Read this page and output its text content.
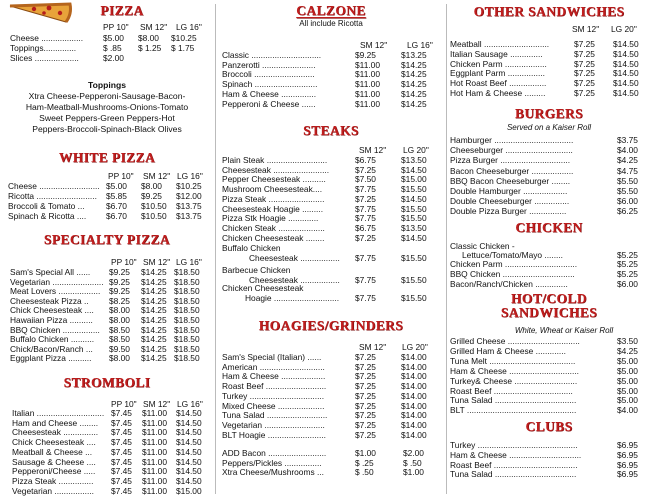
PIZZA
PP 10" SM 12" LG 16"
Cheese ..................	$5.00 $8.00 $10.25
Toppings..............	$ .85 $ 1.25 $ 1.75
Slices ...................	$2.00
Toppings
Xtra Cheese-Pepperoni-Sausage-Bacon-
Ham-Meatball-Mushrooms-Onions-Tomato
Sweet Peppers-Green Peppers-Hot
Peppers-Broccoli-Spinach-Black Olives
WHITE PIZZA
PP 10" SM 12" LG 16"
Cheese .......................... $5.00 $8.00 $10.25
Ricotta ..........................	$5.85 $9.25 $12.00
Broccoli & Tomato ...	$6.70 $10.50 $13.75
Spinach & Ricotta ....	$6.70 $10.50 $13.75
SPECIALTY PIZZA
PP 10" SM 12" LG 16"
Sam's Special All ......	$9.25 $14.25 $18.50
Vegetarian ...................... $9.25 $14.25 $18.50
Meat Lovers ..................	$9.25 $14.25 $18.50
Cheesesteak Pizza ..	$8.25 $14.25 $18.50
Chick Cheesesteak ....	$8.00 $14.25 $18.50
Hawaiian Pizza ..........	$8.00 $14.25 $18.50
BBQ Chicken ................	$8.50 $14.25 $18.50
Buffalo Chicken ..........	$8.50 $14.25 $18.50
Chick/Bacon/Ranch ...	$9.50 $14.25 $18.50
Eggplant Pizza ..........	$8.00 $14.25 $18.50
STROMBOLI
PP 10" SM 12" LG 16"
Italian ............................. $7.45 $11.00 $14.50
Ham and Cheese ........	$7.45 $11.00 $14.50
Cheesesteak ...............	$7.45 $11.00 $14.50
Chick Cheesesteak ....	$7.45 $11.00 $14.50
Meatball & Cheese ...	$7.45 $11.00 $14.50
Sausage & Cheese ....	$7.45 $11.00 $14.50
Pepperoni/Cheese .....	$7.45 $11.00 $14.50
Pizza Steak ...............	$7.45 $11.00 $14.50
Vegetarian .................	$7.45 $11.00 $15.00
CALZONE
All include Ricotta
SM 12" LG 16"
Classic ..............................	$9.25	$13.25
Panzerotti .......................	$11.00	$14.25
Broccoli ..........................	$11.00	$14.25
Spinach ...........................	$11.00	$14.25
Ham & Cheese ...............	$11.00	$14.25
Pepperoni & Cheese ......	$11.00	$14.25
STEAKS
SM 12" LG 20"
Plain Steak ..........................	$6.75	$13.50
Cheesesteak ........................	$7.25	$14.50
Pepper Cheesesteak ..........	$7.50	$15.00
Mushroom Cheesesteak....	$7.75	$15.50
Pizza Steak ........................	$7.25	$14.50
Cheesesteak Hoagie .........	$7.75	$15.50
Pizza Stk Hoagie .............	$7.75	$15.50
Chicken Steak ....................	$6.75	$13.50
Chicken Cheesesteak ........	$7.25	$14.50
Buffalo Chicken
Cheesesteak .................	$7.75	$15.50
Barbecue Chicken
Cheesesteak .................	$7.75	$15.50
Chicken Cheesesteak
Hoagie ............................ $7.75	$15.50
HOAGIES/GRINDERS
SM 12" LG 20"
Sam's Special (Italian) ......	$7.25	$14.00
American ............................	$7.25	$14.00
Ham & Cheese ...................	$7.25	$14.00
Roast Beef ..........................	$7.25	$14.00
Turkey ................................	$7.25	$14.00
Mixed Cheese ....................	$7.25	$14.00
Tuna Salad ..........................	$7.25	$14.00
Vegetarian ..........................	$7.25	$14.00
BLT Hoagie .........................	$7.25	$14.00
ADD Bacon .........................	$1.00	$2.00
Peppers/Pickles ................	$ .25	$ .50
Xtra Cheese/Mushrooms ...	$ .50	$1.00
OTHER SANDWICHES
SM 12" LG 20"
Meatball ............................	$7.25 $14.50
Italian Sausage ..............	$7.25 $14.50
Chicken Parm ..................	$7.25 $14.50
Eggplant Parm ................	$7.25 $14.50
Hot Roast Beef ................	$7.25 $14.50
Hot Ham & Cheese .........	$7.25 $14.50
BURGERS
Served on a Kaiser Roll
Hamburger ..................................	$3.75
Cheeseburger .............................	$4.00
Pizza Burger ..............................	$4.25
Bacon Cheeseburger ..................	$4.75
BBQ Bacon Cheeseburger ........	$5.50
Double Hamburger ...................	$5.50
Double Cheeseburger ...............	$6.00
Double Pizza Burger ................	$6.25
CHICKEN
Classic Chicken -
Lettuce/Tomato/Mayo ........	$5.25
Chicken Parm ...............................	$5.25
BBQ Chicken ...............................	$5.25
Bacon/Ranch/Chicken ..............	$6.00
HOT/COLD
SANDWICHES
White, Wheat or Kaiser Roll
Grilled Cheese ...............................	$3.50
Grilled Ham & Cheese .............	$4.25
Tuna Melt .....................................	$5.00
Ham & Cheese ..............................	$5.00
Turkey& Cheese ...........................	$5.00
Roast Beef ..................................	$5.00
Tuna Salad ...................................	$5.00
BLT ...............................................	$4.00
CLUBS
Turkey ...........................................	$6.95
Ham & Cheese ...............................	$6.95
Roast Beef ....................................	$6.95
Tuna Salad ...................................	$6.95
